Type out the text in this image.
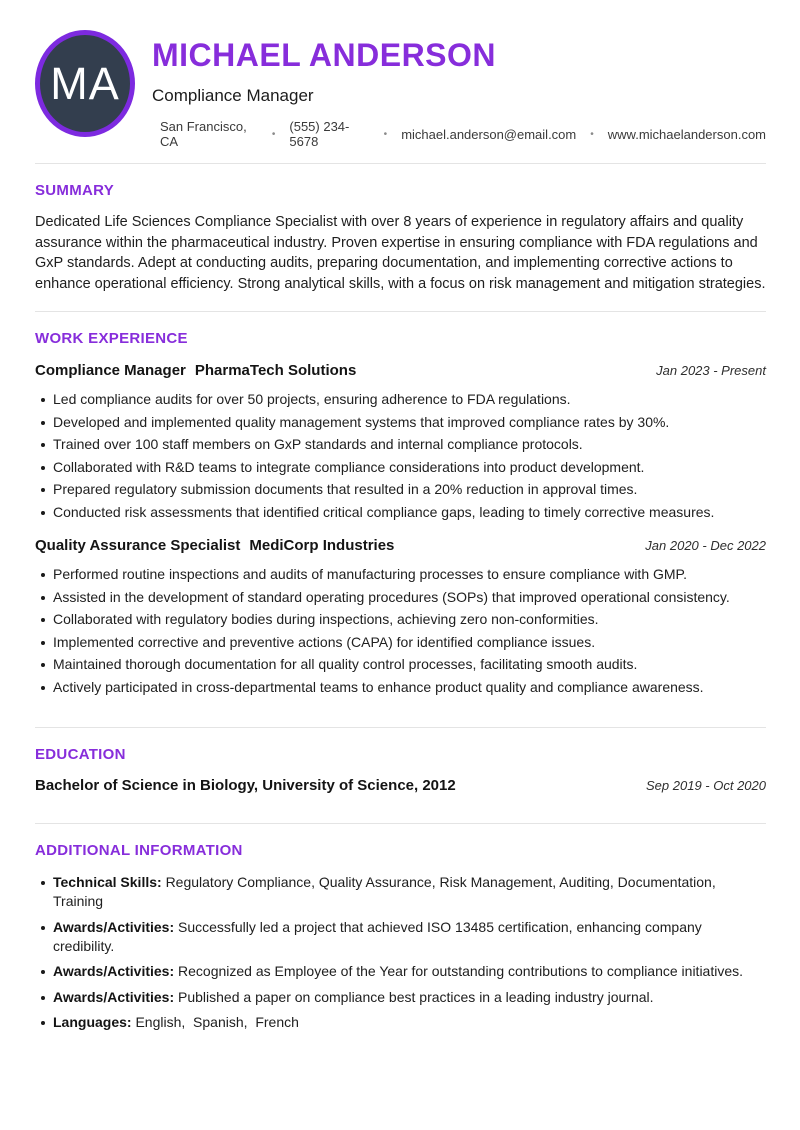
MA
MICHAEL ANDERSON
Compliance Manager
San Francisco, CA	• (555) 234-5678	• michael.anderson@email.com • www.michaelanderson.com
SUMMARY
Dedicated Life Sciences Compliance Specialist with over 8 years of experience in regulatory affairs and quality assurance within the pharmaceutical industry. Proven expertise in ensuring compliance with FDA regulations and GxP standards. Adept at conducting audits, preparing documentation, and implementing corrective actions to enhance operational efficiency. Strong analytical skills, with a focus on risk management and mitigation strategies.
WORK EXPERIENCE
Compliance Manager PharmaTech Solutions	Jan 2023 - Present
Led compliance audits for over 50 projects, ensuring adherence to FDA regulations.
Developed and implemented quality management systems that improved compliance rates by 30%.
Trained over 100 staff members on GxP standards and internal compliance protocols.
Collaborated with R&D teams to integrate compliance considerations into product development.
Prepared regulatory submission documents that resulted in a 20% reduction in approval times.
Conducted risk assessments that identified critical compliance gaps, leading to timely corrective measures.
Quality Assurance Specialist MediCorp Industries	Jan 2020 - Dec 2022
Performed routine inspections and audits of manufacturing processes to ensure compliance with GMP.
Assisted in the development of standard operating procedures (SOPs) that improved operational consistency.
Collaborated with regulatory bodies during inspections, achieving zero non-conformities.
Implemented corrective and preventive actions (CAPA) for identified compliance issues.
Maintained thorough documentation for all quality control processes, facilitating smooth audits.
Actively participated in cross-departmental teams to enhance product quality and compliance awareness.
EDUCATION
Bachelor of Science in Biology, University of Science, 2012	Sep 2019 - Oct 2020
ADDITIONAL INFORMATION
Technical Skills: Regulatory Compliance, Quality Assurance, Risk Management, Auditing, Documentation, Training
Awards/Activities: Successfully led a project that achieved ISO 13485 certification, enhancing company credibility.
Awards/Activities: Recognized as Employee of the Year for outstanding contributions to compliance initiatives.
Awards/Activities: Published a paper on compliance best practices in a leading industry journal.
Languages: English,  Spanish,  French
